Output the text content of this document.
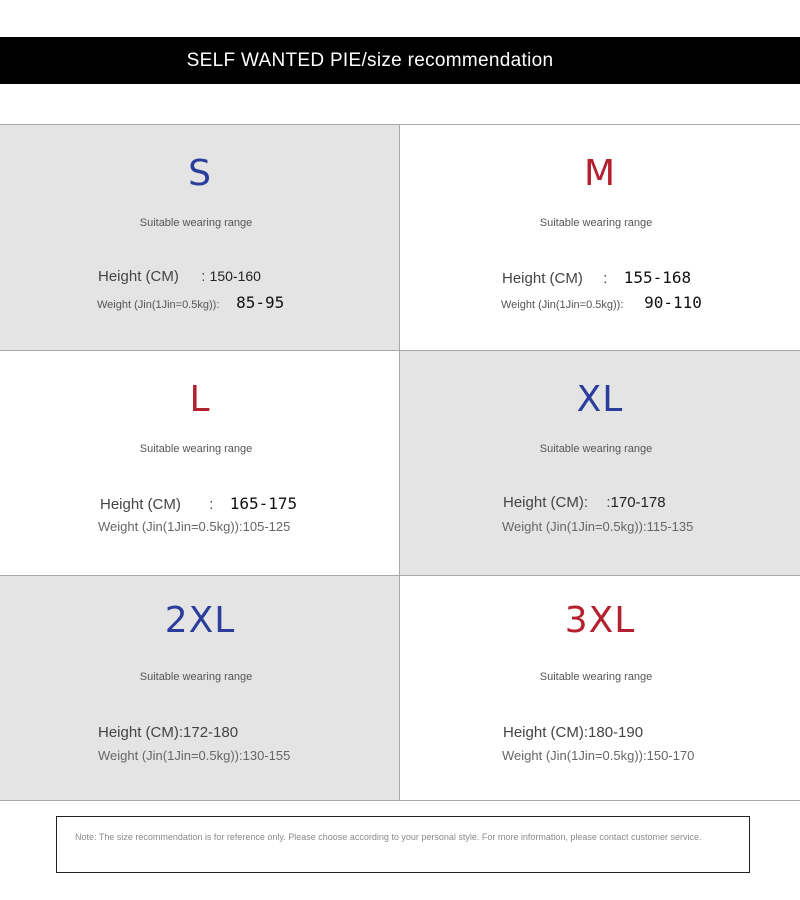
SELF WANTED PIE/size recommendation
S
Suitable wearing range
Height (CM) : 150-160
Weight (Jin(1Jin=0.5kg)): 85-95
M
Suitable wearing range
Height (CM) : 155-168
Weight (Jin(1Jin=0.5kg)): 90-110
L
Suitable wearing range
Height (CM) : 165-175
Weight (Jin(1Jin=0.5kg)):105-125
XL
Suitable wearing range
Height (CM): :170-178
Weight (Jin(1Jin=0.5kg)):115-135
2XL
Suitable wearing range
Height (CM):172-180
Weight (Jin(1Jin=0.5kg)):130-155
3XL
Suitable wearing range
Height (CM):180-190
Weight (Jin(1Jin=0.5kg)):150-170
Note: The size recommendation is for reference only. Please choose according to your personal style. For more information, please contact customer service.
